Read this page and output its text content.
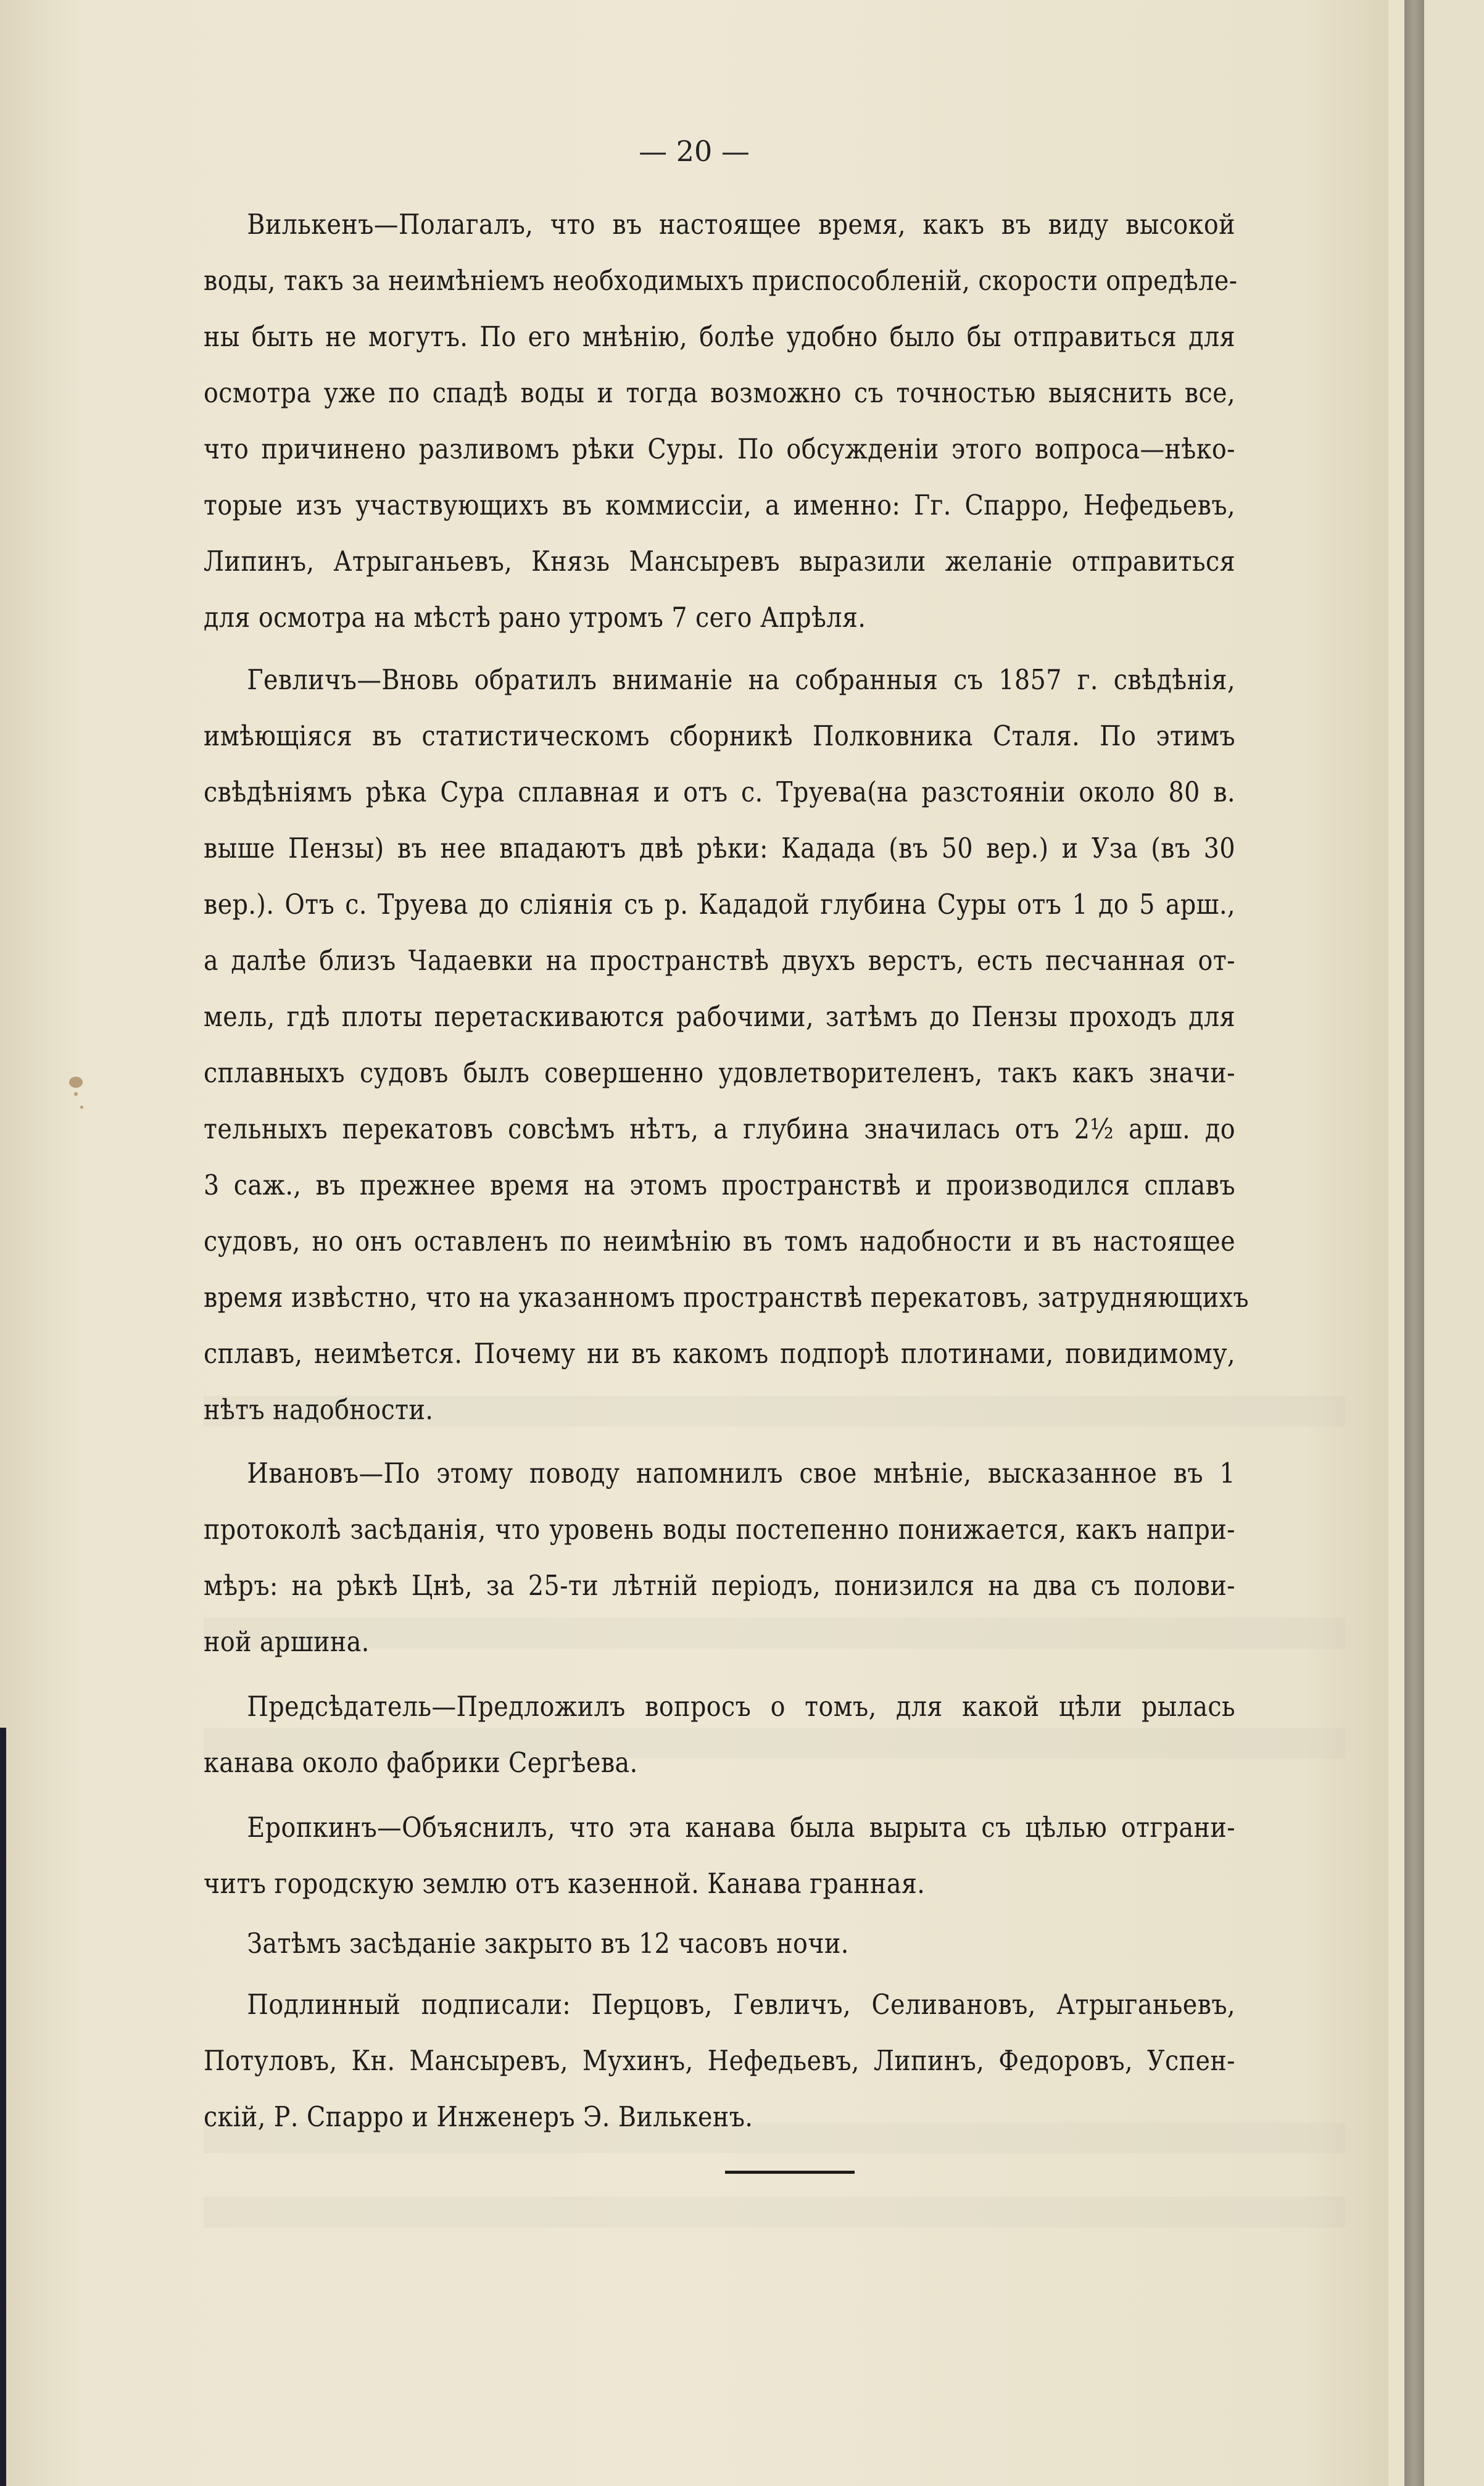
— 20 —
Вилькенъ—Полагалъ, что въ настоящее время, какъ въ виду высокой
воды, такъ за неимѣніемъ необходимыхъ приспособленій, скорости опредѣле-
ны быть не могутъ. По его мнѣнію, болѣе удобно было бы отправиться для
осмотра уже по спадѣ воды и тогда возможно съ точностью выяснить все,
что причинено разливомъ рѣки Суры. По обсужденіи этого вопроса—нѣко-
торые изъ участвующихъ въ коммиссіи, а именно: Гг. Спарро, Нефедьевъ,
Липинъ, Атрыганьевъ, Князь Мансыревъ выразили желаніе отправиться
для осмотра на мѣстѣ рано утромъ 7 сего Апрѣля.
Гевличъ—Вновь обратилъ вниманіе на собранныя съ 1857 г. свѣдѣнія,
имѣющіяся въ статистическомъ сборникѣ Полковника Сталя. По этимъ
свѣдѣніямъ рѣка Сура сплавная и отъ с. Труева(на разстояніи около 80 в.
выше Пензы) въ нее впадаютъ двѣ рѣки: Кадада (въ 50 вер.) и Уза (въ 30
вер.). Отъ с. Труева до сліянія съ р. Кададой глубина Суры отъ 1 до 5 арш.,
а далѣе близъ Чадаевки на пространствѣ двухъ верстъ, есть песчанная от-
мель, гдѣ плоты перетаскиваются рабочими, затѣмъ до Пензы проходъ для
сплавныхъ судовъ былъ совершенно удовлетворителенъ, такъ какъ значи-
тельныхъ перекатовъ совсѣмъ нѣтъ, а глубина значилась отъ 2½ арш. до
3 саж., въ прежнее время на этомъ пространствѣ и производился сплавъ
судовъ, но онъ оставленъ по неимѣнію въ томъ надобности и въ настоящее
время извѣстно, что на указанномъ пространствѣ перекатовъ, затрудняющихъ
сплавъ, неимѣется. Почему ни въ какомъ подпорѣ плотинами, повидимому,
нѣтъ надобности.
Ивановъ—По этому поводу напомнилъ свое мнѣніе, высказанное въ 1
протоколѣ засѣданія, что уровень воды постепенно понижается, какъ напри-
мѣръ: на рѣкѣ Цнѣ, за 25-ти лѣтній періодъ, понизился на два съ полови-
ной аршина.
Предсѣдатель—Предложилъ вопросъ о томъ, для какой цѣли рылась
канава около фабрики Сергѣева.
Еропкинъ—Объяснилъ, что эта канава была вырыта съ цѣлью отграни-
читъ городскую землю отъ казенной. Канава гранная.
Затѣмъ засѣданіе закрыто въ 12 часовъ ночи.
Подлинный подписали: Перцовъ, Гевличъ, Селивановъ, Атрыганьевъ,
Потуловъ, Кн. Мансыревъ, Мухинъ, Нефедьевъ, Липинъ, Федоровъ, Успен-
скій, Р. Спарро и Инженеръ Э. Вилькенъ.
